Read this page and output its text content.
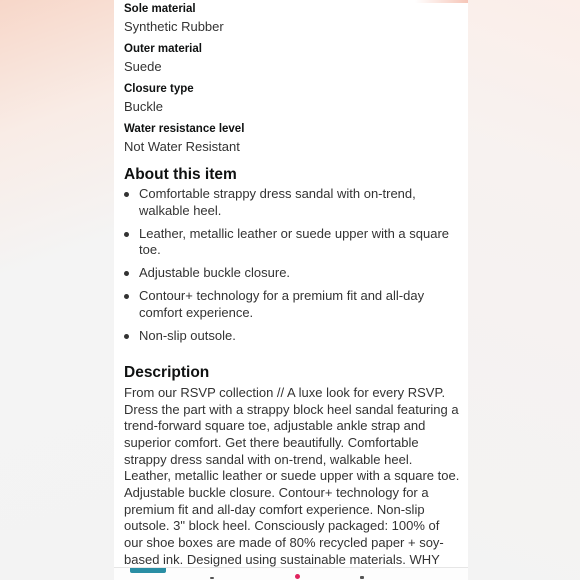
Sole material
Synthetic Rubber
Outer material
Suede
Closure type
Buckle
Water resistance level
Not Water Resistant
About this item
Comfortable strappy dress sandal with on-trend, walkable heel.
Leather, metallic leather or suede upper with a square toe.
Adjustable buckle closure.
Contour+ technology for a premium fit and all-day comfort experience.
Non-slip outsole.
Description
From our RSVP collection // A luxe look for every RSVP. Dress the part with a strappy block heel sandal featuring a trend-forward square toe, adjustable ankle strap and superior comfort. Get there beautifully. Comfortable strappy dress sandal with on-trend, walkable heel. Leather, metallic leather or suede upper with a square toe. Adjustable buckle closure. Contour+ technology for a premium fit and all-day comfort experience. Non-slip outsole. 3" block heel. Consciously packaged: 100% of our shoe boxes are made of 80% recycled paper + soy-based ink. Designed using sustainable materials. WHY
